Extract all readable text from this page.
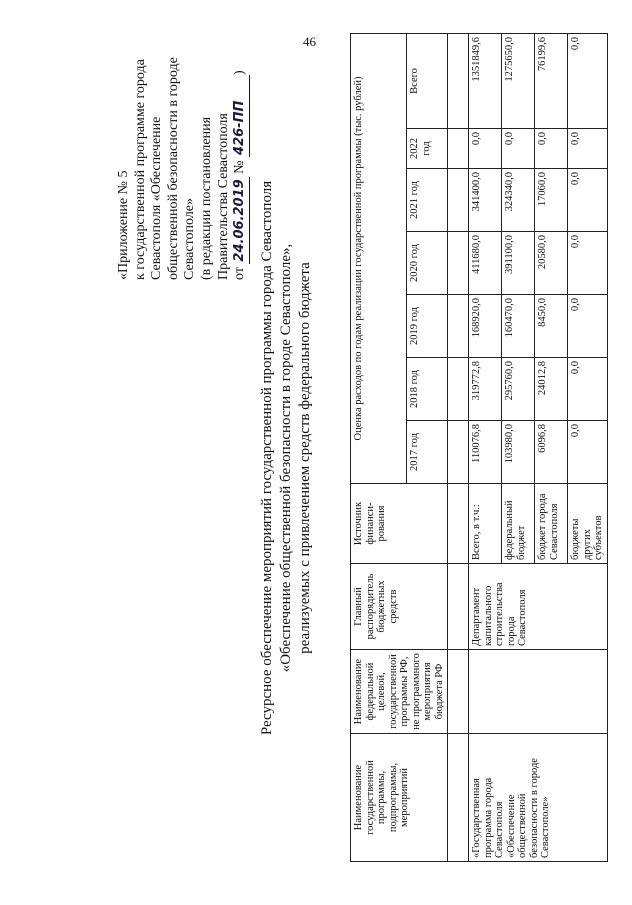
46
«Приложение № 5 к государственной программе города Севастополя «Обеспечение общественной безопасности в городе Севастополе» (в редакции постановления Правительства Севастополя от 24.06.2019 № 426-ПП)
Ресурсное обеспечение мероприятий государственной программы города Севастополя «Обеспечение общественной безопасности в городе Севастополе», реализуемых с привлечением средств федерального бюджета
Наименование государственной программы, подпрограммы, мероприятий	Наименование федеральной целевой, государственной программы РФ, не программного мероприятия бюджета РФ	Главный распорядитель бюджетных средств	Источник финанси-рования	Оценка расходов по годам реализации государственной программы (тыс. рублей)						
				2017 год	2018 год	2019 год	2020 год	2021 год	2022 год	Всего

«Государственная программа города Севастополя «Обеспечение общественной безопасности в городе Севастополе»		Департамент капитального строительства города Севастополя	Всего, в т.ч.:	110076,8	319772,8	168920,0	411680,0	341400,0	0,0	1351849,6
			федеральный бюджет	103980,0	295760,0	160470,0	391100,0	324340,0	0,0	1275650,0
			бюджет города Севастополя	6096,8	24012,8	8450,0	20580,0	17060,0	0,0	76199,6
			бюджеты других субъектов	0,0	0,0	0,0	0,0	0,0	0,0	0,0
